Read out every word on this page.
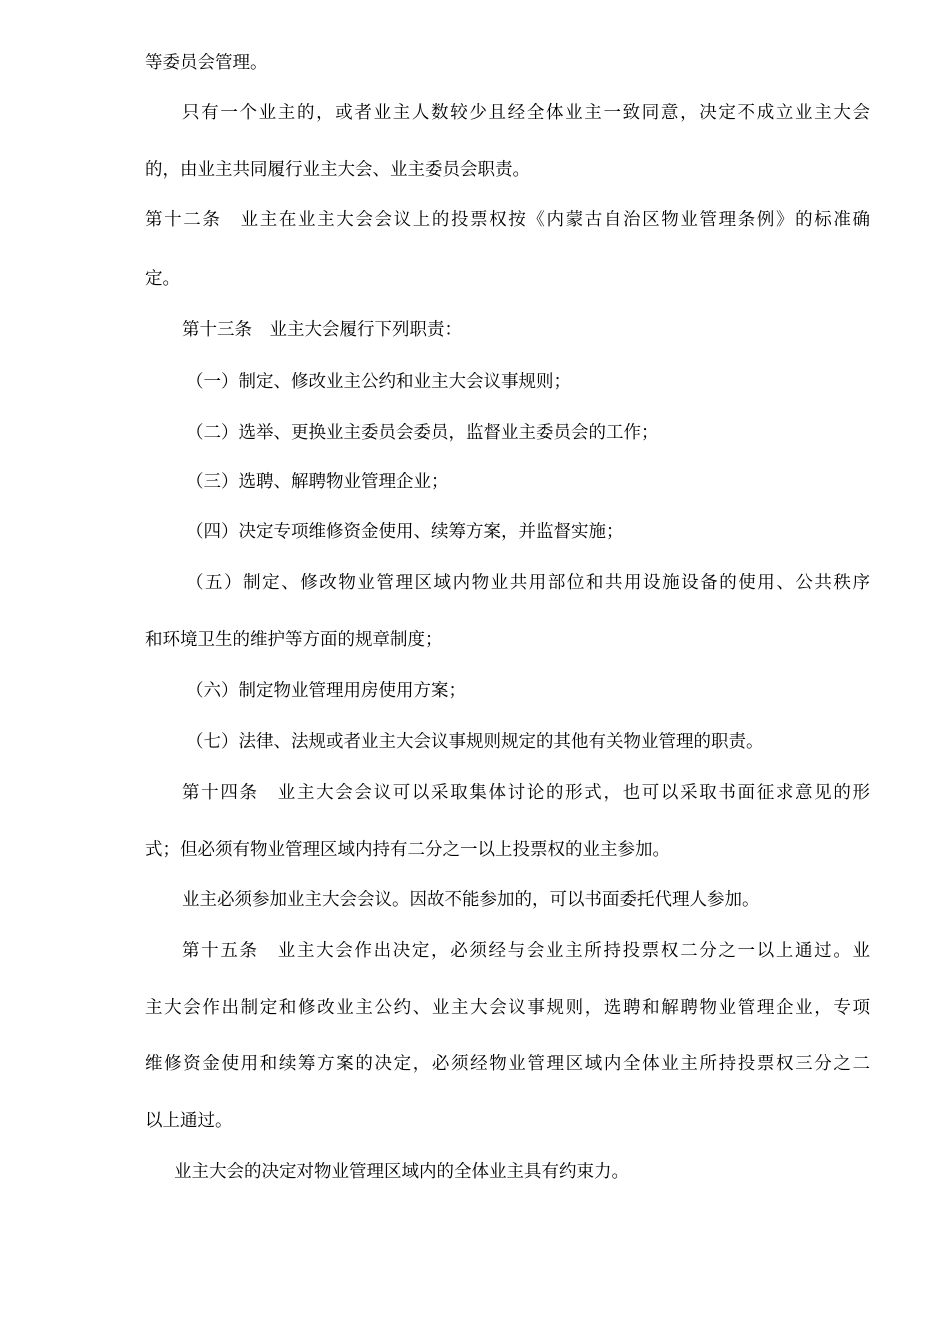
等委员会管理。
只有一个业主的，或者业主人数较少且经全体业主一致同意，决定不成立业主大会
的，由业主共同履行业主大会、业主委员会职责。
第十二条　业主在业主大会会议上的投票权按《内蒙古自治区物业管理条例》的标准确
定。
第十三条　业主大会履行下列职责：
（一）制定、修改业主公约和业主大会议事规则；
（二）选举、更换业主委员会委员，监督业主委员会的工作；
（三）选聘、解聘物业管理企业；
（四）决定专项维修资金使用、续筹方案，并监督实施；
（五）制定、修改物业管理区域内物业共用部位和共用设施设备的使用、公共秩序
和环境卫生的维护等方面的规章制度；
（六）制定物业管理用房使用方案；
（七）法律、法规或者业主大会议事规则规定的其他有关物业管理的职责。
第十四条　业主大会会议可以采取集体讨论的形式，也可以采取书面征求意见的形
式；但必须有物业管理区域内持有二分之一以上投票权的业主参加。
业主必须参加业主大会会议。因故不能参加的，可以书面委托代理人参加。
第十五条　业主大会作出决定，必须经与会业主所持投票权二分之一以上通过。业
主大会作出制定和修改业主公约、业主大会议事规则，选聘和解聘物业管理企业，专项
维修资金使用和续筹方案的决定，必须经物业管理区域内全体业主所持投票权三分之二
以上通过。
业主大会的决定对物业管理区域内的全体业主具有约束力。
